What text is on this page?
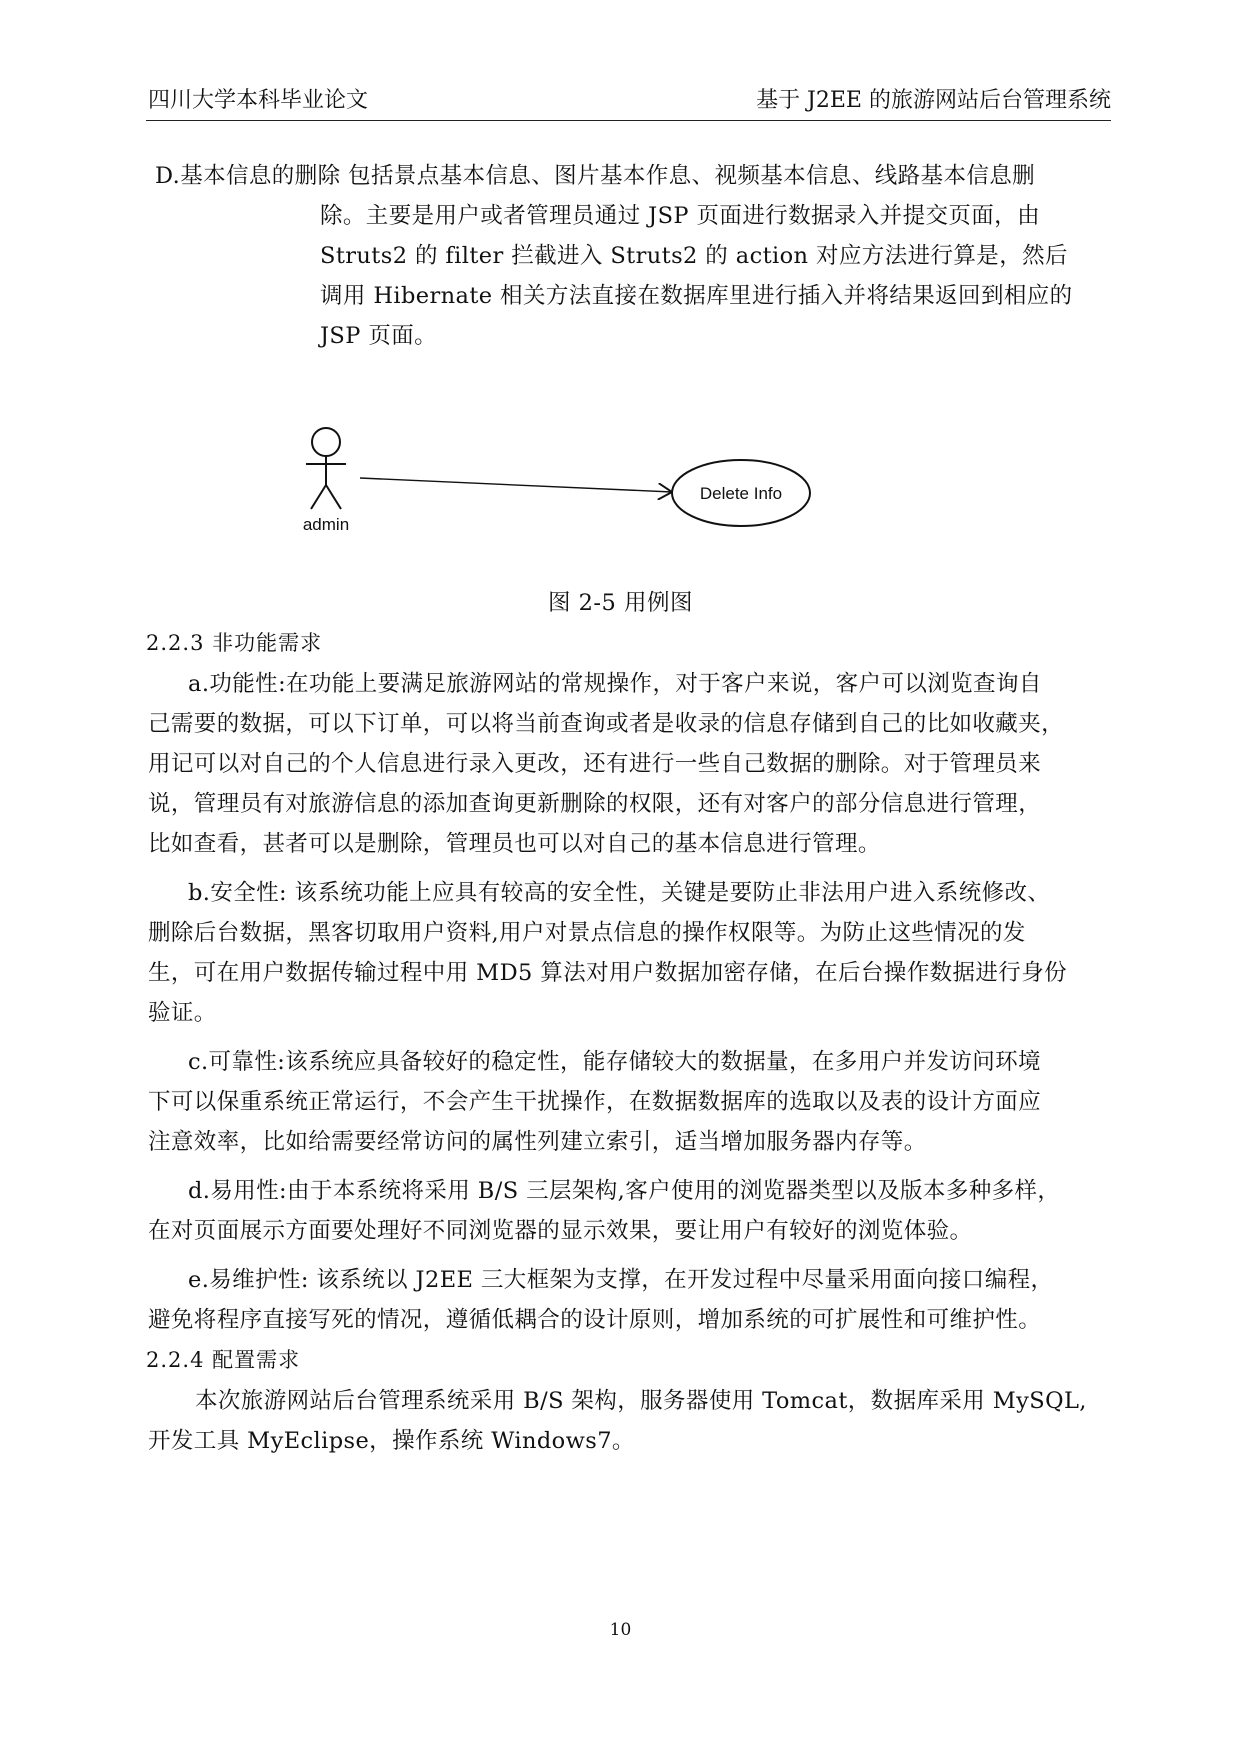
四川大学本科毕业论文	基于 J2EE 的旅游网站后台管理系统
D.基本信息的删除 包括景点基本信息、图片基本作息、视频基本信息、线路基本信息删
除。主要是用户或者管理员通过 JSP 页面进行数据录入并提交页面，由
Struts2 的 filter 拦截进入 Struts2 的 action 对应方法进行算是，然后
调用 Hibernate 相关方法直接在数据库里进行插入并将结果返回到相应的
JSP 页面。
admin
Delete Info
图 2-5 用例图
2.2.3 非功能需求
a.功能性:在功能上要满足旅游网站的常规操作，对于客户来说，客户可以浏览查询自
己需要的数据，可以下订单，可以将当前查询或者是收录的信息存储到自己的比如收藏夹，
用记可以对自己的个人信息进行录入更改，还有进行一些自己数据的删除。对于管理员来
说，管理员有对旅游信息的添加查询更新删除的权限，还有对客户的部分信息进行管理，
比如查看，甚者可以是删除，管理员也可以对自己的基本信息进行管理。
b.安全性: 该系统功能上应具有较高的安全性，关键是要防止非法用户进入系统修改、
删除后台数据，黑客切取用户资料,用户对景点信息的操作权限等。为防止这些情况的发
生，可在用户数据传输过程中用 MD5 算法对用户数据加密存储，在后台操作数据进行身份
验证。
c.可靠性:该系统应具备较好的稳定性，能存储较大的数据量，在多用户并发访问环境
下可以保重系统正常运行，不会产生干扰操作，在数据数据库的选取以及表的设计方面应
注意效率，比如给需要经常访问的属性列建立索引，适当增加服务器内存等。
d.易用性:由于本系统将采用 B/S 三层架构,客户使用的浏览器类型以及版本多种多样，
在对页面展示方面要处理好不同浏览器的显示效果，要让用户有较好的浏览体验。
e.易维护性: 该系统以 J2EE 三大框架为支撑，在开发过程中尽量采用面向接口编程，
避免将程序直接写死的情况，遵循低耦合的设计原则，增加系统的可扩展性和可维护性。
2.2.4 配置需求
本次旅游网站后台管理系统采用 B/S 架构，服务器使用 Tomcat，数据库采用 MySQL,
开发工具 MyEclipse，操作系统 Windows7。
10
